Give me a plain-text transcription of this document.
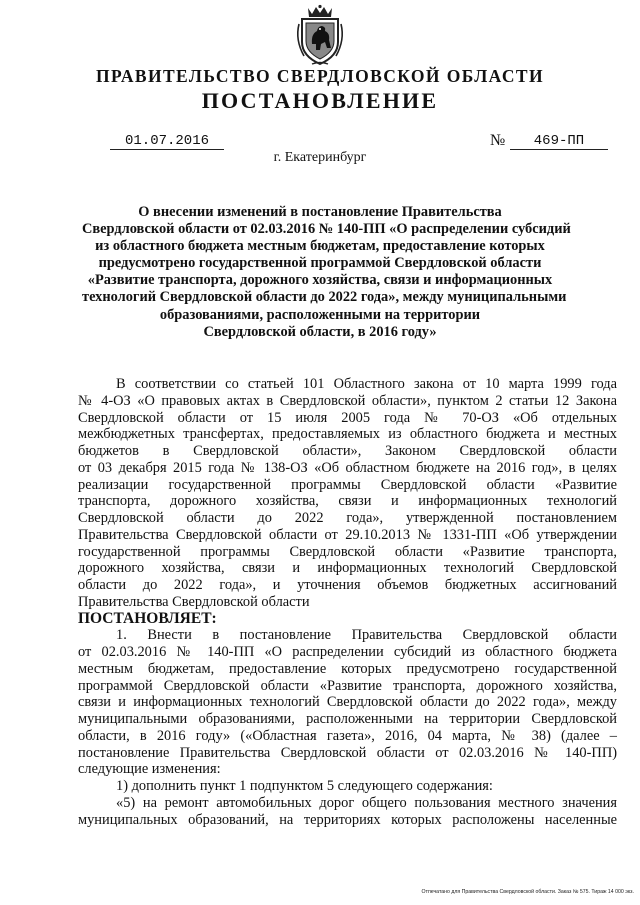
ПРАВИТЕЛЬСТВО СВЕРДЛОВСКОЙ ОБЛАСТИ
ПОСТАНОВЛЕНИЕ
01.07.2016	№	469-ПП
г. Екатеринбург
О внесении изменений в постановление Правительства
Свердловской области от 02.03.2016 № 140-ПП «О распределении субсидий
из областного бюджета местным бюджетам, предоставление которых
предусмотрено государственной программой Свердловской области
«Развитие транспорта, дорожного хозяйства, связи и информационных
технологий Свердловской области до 2022 года», между муниципальными
образованиями, расположенными на территории
Свердловской области, в 2016 году»
В соответствии со статьей 101 Областного закона от 10 марта 1999 года
№ 4-ОЗ «О правовых актах в Свердловской области», пунктом 2 статьи 12 Закона
Свердловской области от 15 июля 2005 года № 70-ОЗ «Об отдельных
межбюджетных трансфертах, предоставляемых из областного бюджета и местных
бюджетов в Свердловской области», Законом Свердловской области
от 03 декабря 2015 года № 138-ОЗ «Об областном бюджете на 2016 год», в целях
реализации государственной программы Свердловской области «Развитие
транспорта, дорожного хозяйства, связи и информационных технологий
Свердловской области до 2022 года», утвержденной постановлением
Правительства Свердловской области от 29.10.2013 № 1331-ПП «Об утверждении
государственной программы Свердловской области «Развитие транспорта,
дорожного хозяйства, связи и информационных технологий Свердловской
области до 2022 года», и уточнения объемов бюджетных ассигнований
Правительства Свердловской области
ПОСТАНОВЛЯЕТ:
1. Внести в постановление Правительства Свердловской области
от 02.03.2016 № 140-ПП «О распределении субсидий из областного бюджета
местным бюджетам, предоставление которых предусмотрено государственной
программой Свердловской области «Развитие транспорта, дорожного хозяйства,
связи и информационных технологий Свердловской области до 2022 года», между
муниципальными образованиями, расположенными на территории Свердловской
области, в 2016 году» («Областная газета», 2016, 04 марта, № 38) (далее –
постановление Правительства Свердловской области от 02.03.2016 № 140-ПП)
следующие изменения:
1) дополнить пункт 1 подпунктом 5 следующего содержания:
«5) на ремонт автомобильных дорог общего пользования местного значения
муниципальных образований, на территориях которых расположены населенные
Отпечатано для Правительства Свердловской области. Заказ № 575. Тираж 14 000 экз.
